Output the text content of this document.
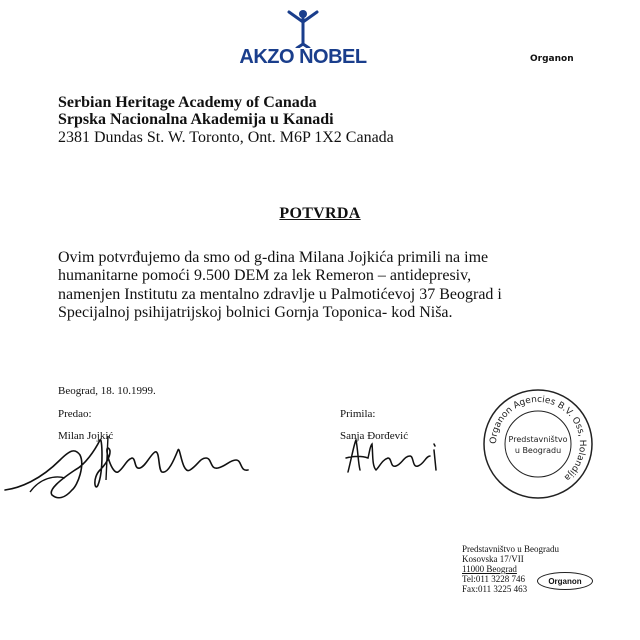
AKZO NOBEL	Organon
Serbian Heritage Academy of Canada
Srpska Nacionalna Akademija u Kanadi
2381 Dundas St. W. Toronto, Ont. M6P 1X2 Canada
POTVRDA
Ovim potvrđujemo da smo od g-dina Milana Jojkića primili na ime
humanitarne pomoći 9.500 DEM za lek Remeron – antidepresiv,
namenjen Institutu za mentalno zdravlje u Palmotićevoj 37 Beograd i
Specijalnoj psihijatrijskoj bolnici Gornja Toponica- kod Niša.
Beograd, 18. 10.1999.
Predao:
Milan Jojkić
Primila:
Sanja Đorđević	Organon Agencies B.V. Oss, Holandija
Predstavništvo
u Beogradu
Predstavništvo u Beogradu
Kosovska 17/VII
11000 Beograd
Tel:011 3228 746
Fax:011 3225 463
Organon
